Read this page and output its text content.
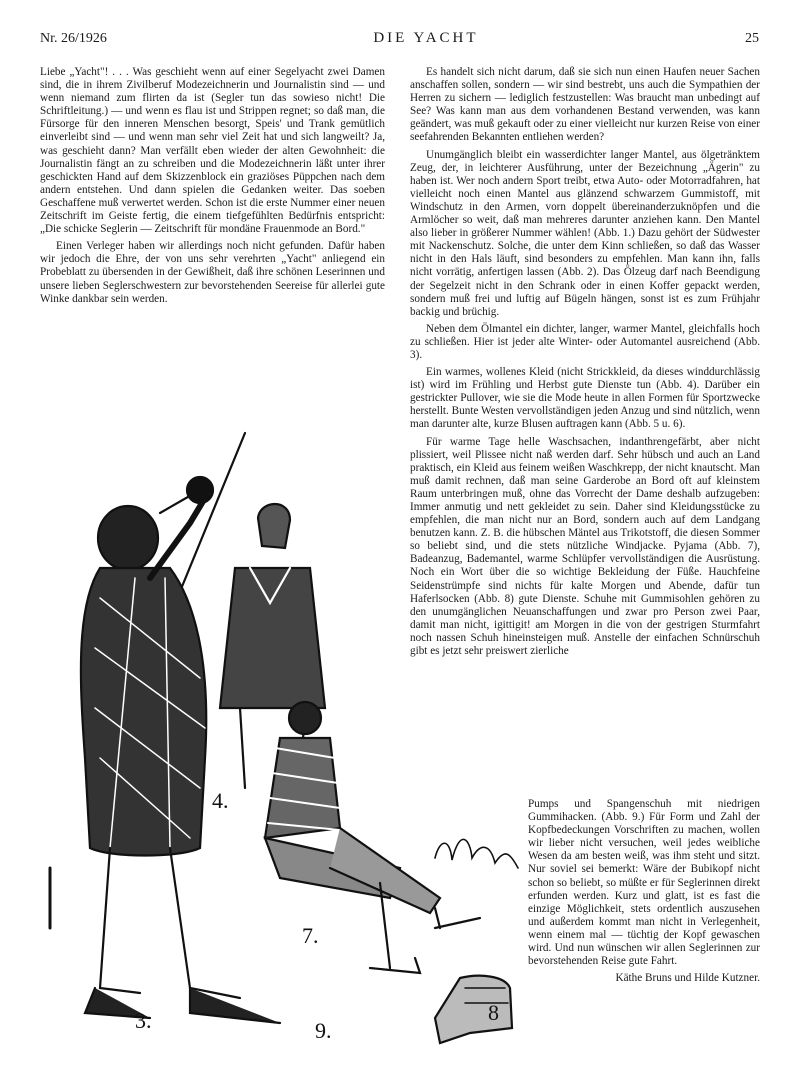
Nr. 26/1926	DIE YACHT	25

Liebe „Yacht"! . . . Was geschieht wenn auf einer Segelyacht zwei Damen sind, die in ihrem Zivilberuf Modezeichnerin und Journalistin sind — und wenn niemand zum flirten da ist (Segler tun das sowieso nicht! Die Schriftleitung.) — und wenn es flau ist und Strippen regnet; so daß man, die Fürsorge für den inneren Menschen besorgt, Speis' und Trank gemütlich einverleibt sind — und wenn man sehr viel Zeit hat und sich langweilt? Ja, was geschieht dann? Man verfällt eben wieder der alten Gewohnheit: die Journalistin fängt an zu schreiben und die Modezeichnerin läßt unter ihrer geschickten Hand auf dem Skizzenblock ein graziöses Püppchen nach dem andern entstehen. Und dann spielen die Gedanken weiter. Das soeben Geschaffene muß verwertet werden. Schon ist die erste Nummer einer neuen Zeitschrift im Geiste fertig, die einem tiefgefühlten Bedürfnis entspricht: „Die schicke Seglerin — Zeitschrift für mondäne Frauenmode an Bord."

Einen Verleger haben wir allerdings noch nicht gefunden. Dafür haben wir jedoch die Ehre, der von uns sehr verehrten „Yacht" anliegend ein Probeblatt zu übersenden in der Gewißheit, daß ihre schönen Leserinnen und unsere lieben Seglerschwestern zur bevorstehenden Seereise für allerlei gute Winke dankbar sein werden.

Es handelt sich nicht darum, daß sie sich nun einen Haufen neuer Sachen anschaffen sollen, sondern — wir sind bestrebt, uns auch die Sympathien der Herren zu sichern — lediglich festzustellen: Was braucht man unbedingt auf See? Was kann man aus dem vorhandenen Bestand verwenden, was kann geändert, was muß gekauft oder zu einer vielleicht nur kurzen Reise von einer seefahrenden Bekannten entliehen werden?

Unumgänglich bleibt ein wasserdichter langer Mantel, aus ölgetränktem Zeug, der, in leichterer Ausführung, unter der Bezeichnung „Ägerin" zu haben ist. Wer noch andern Sport treibt, etwa Auto- oder Motorradfahren, hat vielleicht noch einen Mantel aus glänzend schwarzem Gummistoff, mit Windschutz in den Armen, vorn doppelt übereinanderzuknöpfen und die Armlöcher so weit, daß man mehreres darunter anziehen kann. Den Mantel also lieber in größerer Nummer wählen! (Abb. 1.) Dazu gehört der Südwester mit Nackenschutz. Solche, die unter dem Kinn schließen, so daß das Wasser nicht in den Hals läuft, sind besonders zu empfehlen. Man kann ihn, falls nicht vorrätig, anfertigen lassen (Abb. 2). Das Ölzeug darf nach Beendigung der Segelzeit nicht in den Schrank oder in einen Koffer gepackt werden, sondern muß frei und luftig auf Bügeln hängen, sonst ist es zum Frühjahr backig und brüchig.

Neben dem Ölmantel ein dichter, langer, warmer Mantel, gleichfalls hoch zu schließen. Hier ist jeder alte Winter- oder Automantel ausreichend (Abb. 3).

Ein warmes, wollenes Kleid (nicht Strickkleid, da dieses winddurchlässig ist) wird im Frühling und Herbst gute Dienste tun (Abb. 4). Darüber ein gestrickter Pullover, wie sie die Mode heute in allen Formen für Sportzwecke herstellt. Bunte Westen vervollständigen jeden Anzug und sind nützlich, wenn man darunter alte, kurze Blusen auftragen kann (Abb. 5 u. 6).

Für warme Tage helle Waschsachen, indanthrengefärbt, aber nicht plissiert, weil Plissee nicht naß werden darf. Sehr hübsch und auch an Land praktisch, ein Kleid aus feinem weißen Waschkrepp, der nicht knautscht. Man muß damit rechnen, daß man seine Garderobe an Bord oft auf kleinstem Raum unterbringen muß, ohne das Vorrecht der Dame deshalb aufzugeben: Immer anmutig und nett gekleidet zu sein. Daher sind Kleidungsstücke zu empfehlen, die man nicht nur an Bord, sondern auch auf dem Landgang benutzen kann. Z. B. die hübschen Mäntel aus Trikotstoff, die diesen Sommer so beliebt sind, und die stets nützliche Windjacke. Pyjama (Abb. 7), Badeanzug, Bademantel, warme Schlüpfer vervollständigen die Ausrüstung. Noch ein Wort über die so wichtige Bekleidung der Füße. Hauchfeine Seidenstrümpfe sind nichts für kalte Morgen und Abende, dafür tun Haferlsocken (Abb. 8) gute Dienste. Schuhe mit Gummisohlen gehören zu den unumgänglichen Neuanschaffungen und zwar pro Person zwei Paar, damit man nicht, igittigit! am Morgen in die von der gestrigen Sturmfahrt noch nassen Schuh hineinsteigen muß. Anstelle der einfachen Schnürschuh gibt es jetzt sehr preiswert zierliche

Pumps und Spangenschuh mit niedrigen Gummihacken. (Abb. 9.) Für Form und Zahl der Kopfbedeckungen Vorschriften zu machen, wollen wir lieber nicht versuchen, weil jedes weibliche Wesen da am besten weiß, was ihm steht und sitzt. Nur soviel sei bemerkt: Wäre der Bubikopf nicht schon so beliebt, so müßte er für Seglerinnen direkt erfunden werden. Kurz und glatt, ist es fast die einzige Möglichkeit, stets ordentlich auszusehen und außerdem kommt man nicht in Verlegenheit, wenn einem mal — tüchtig der Kopf gewaschen wird. Und nun wünschen wir allen Seglerinnen zur bevorstehenden Reise gute Fahrt.

Käthe Bruns und Hilde Kutzner.

3.
4.
7.
9.
8
